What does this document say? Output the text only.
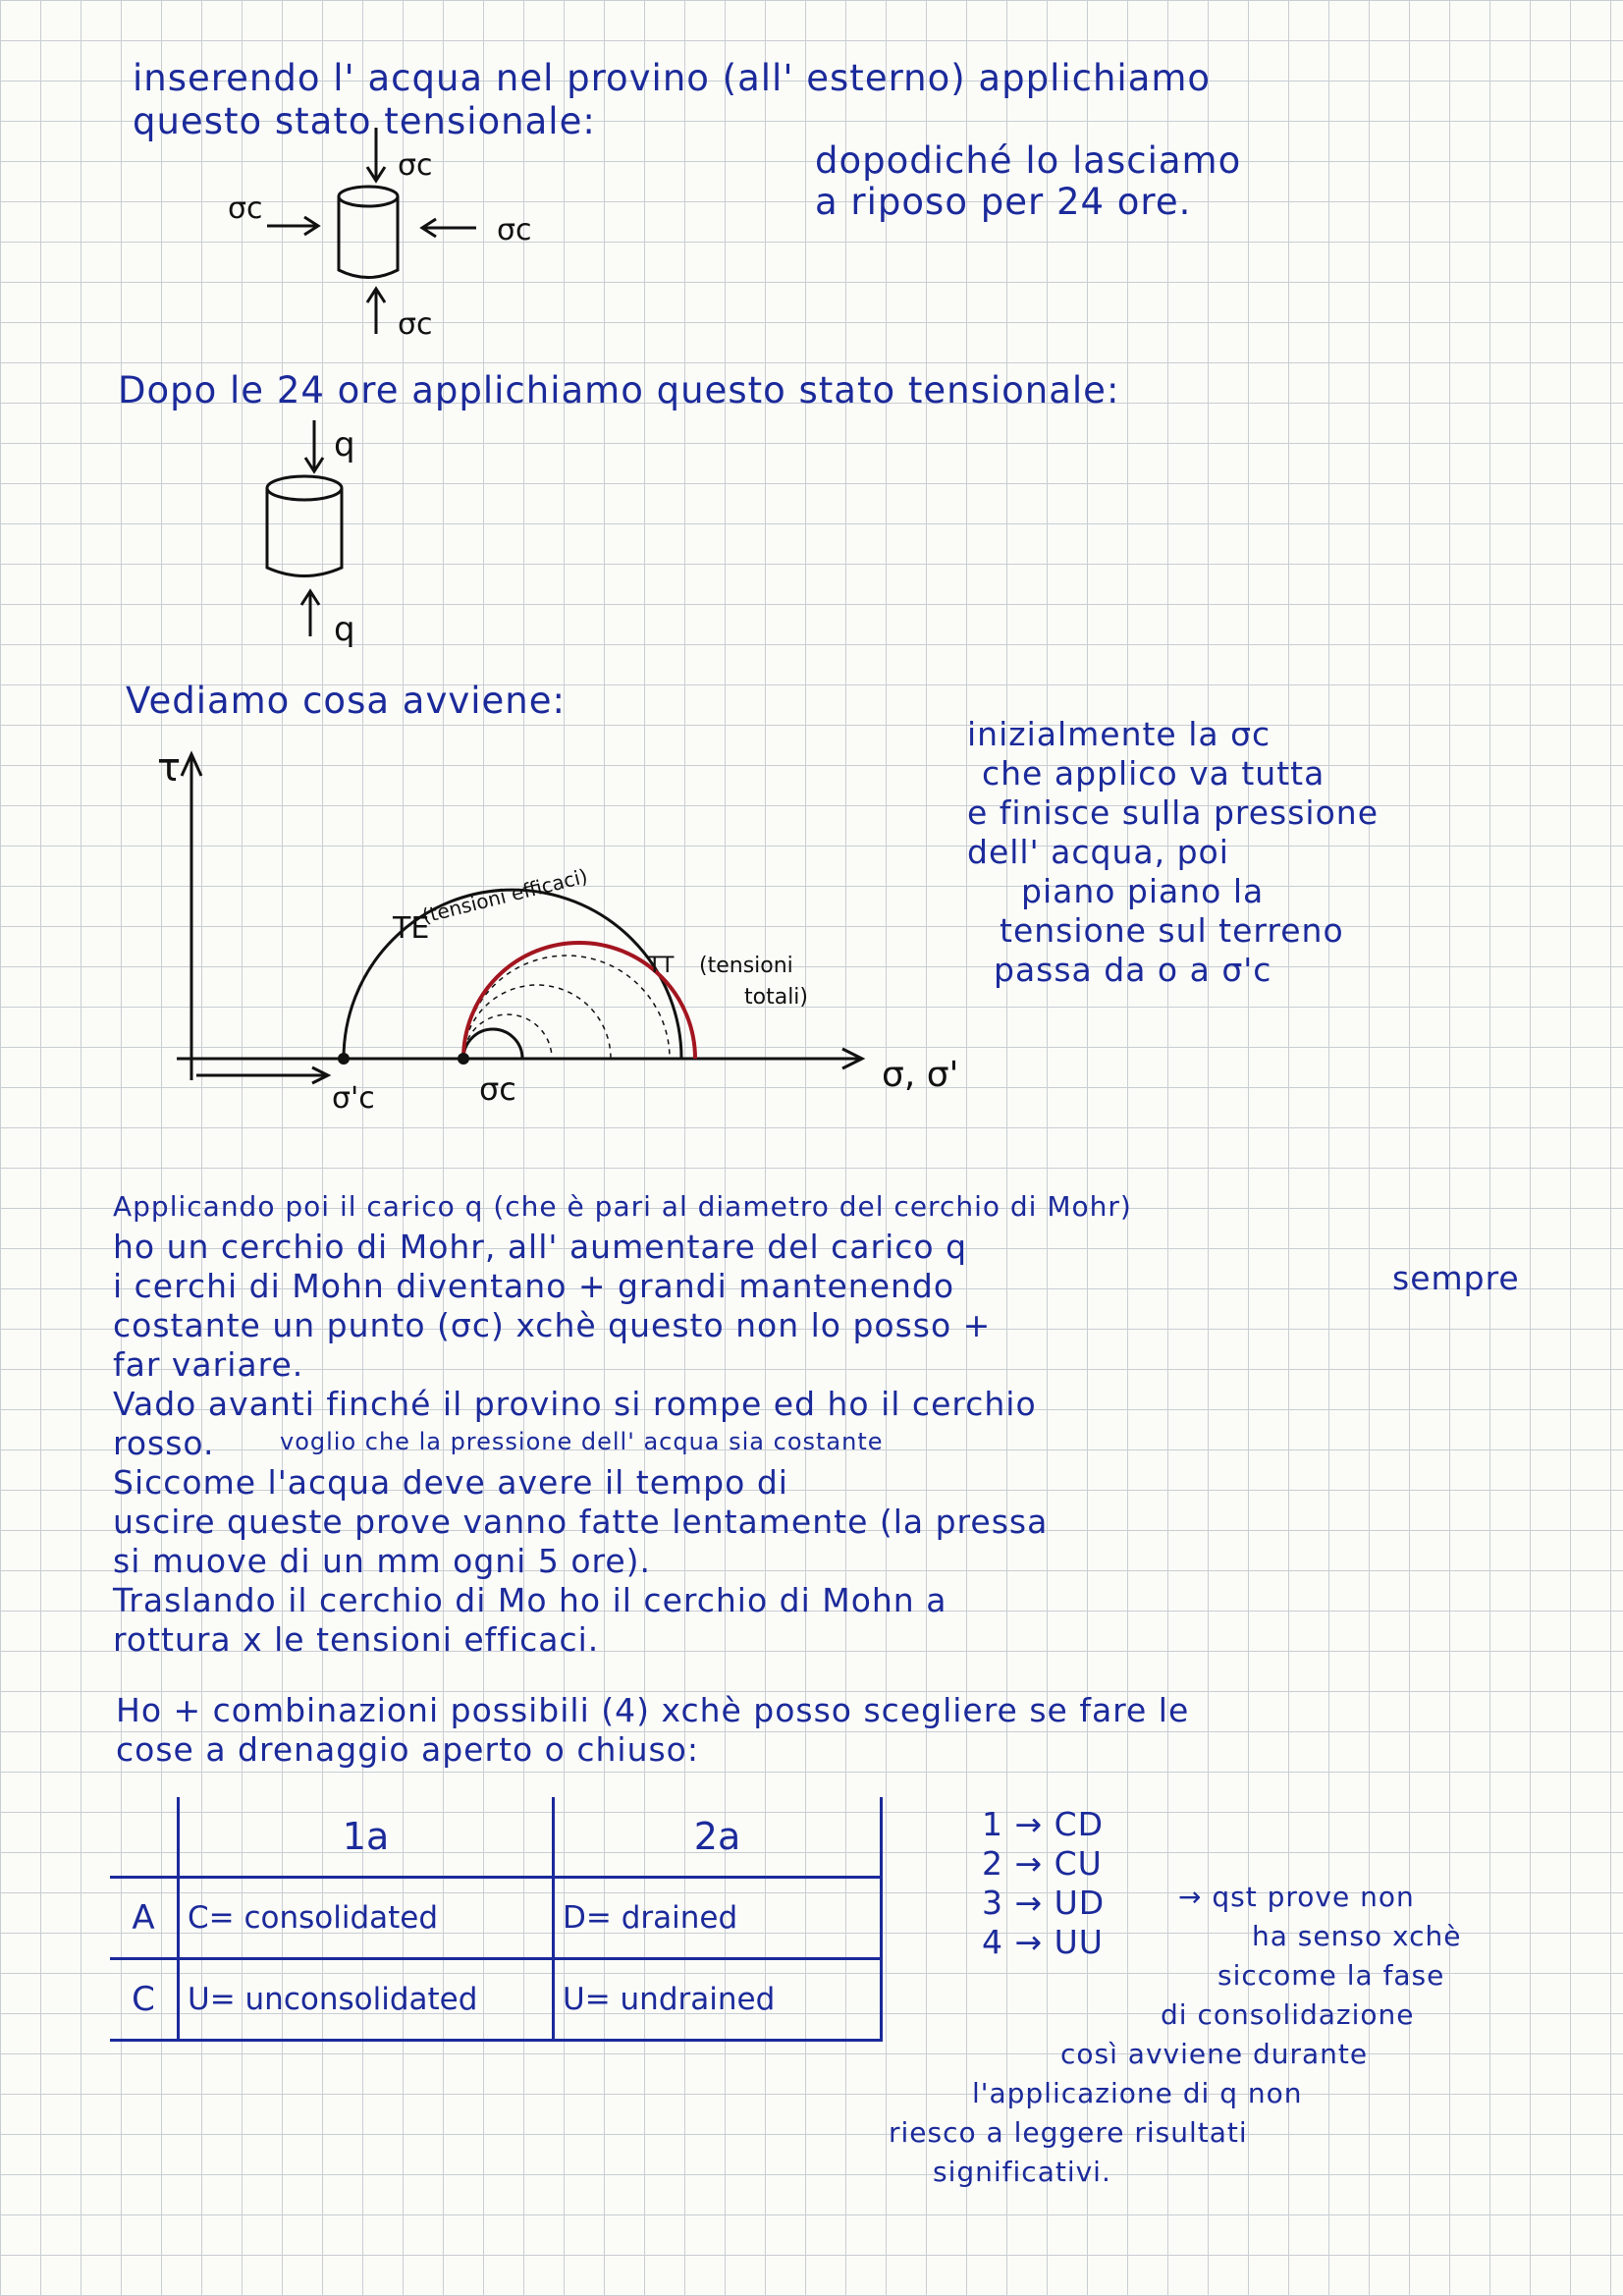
inserendo l' acqua nel provino (all' esterno) applichiamo
questo stato tensionale:
dopodiché lo lasciamo
a riposo per 24 ore.
σc
σc
σc
σc
Dopo le 24 ore applichiamo questo stato tensionale:
q
q
Vediamo cosa avviene:
τ
σ, σ'
TE
(tensioni efficaci)
TT (tensioni
totali)
σ'c	σc
inizialmente la σc
che applico va tutta
e finisce sulla pressione
dell' acqua, poi
piano piano la
tensione sul terreno
passa da o a σ'c
Applicando poi il carico q (che è pari al diametro del cerchio di Mohr)
ho un cerchio di Mohr, all' aumentare del carico q
i cerchi di Mohn diventano + grandi mantenendo	sempre
costante un punto (σc) xchè questo non lo posso +
far variare.
Vado avanti finché il provino si rompe ed ho il cerchio
rosso.	voglio che la pressione dell' acqua sia costante
Siccome l'acqua deve avere il tempo di
uscire queste prove vanno fatte lentamente (la pressa
si muove di un mm ogni 5 ore).
Traslando il cerchio di Mo ho il cerchio di Mohn a
rottura x le tensioni efficaci.
Ho + combinazioni possibili (4) xchè posso scegliere se fare le
cose a drenaggio aperto o chiuso:
	1a	2a
A	C= consolidated	D= drained
C	U= unconsolidated	U= undrained
1 → CD
2 → CU
3 → UD	→ qst prove non
4 → UU	ha senso xchè
siccome la fase
di consolidazione
così avviene durante
l'applicazione di q non
riesco a leggere risultati
significativi.
